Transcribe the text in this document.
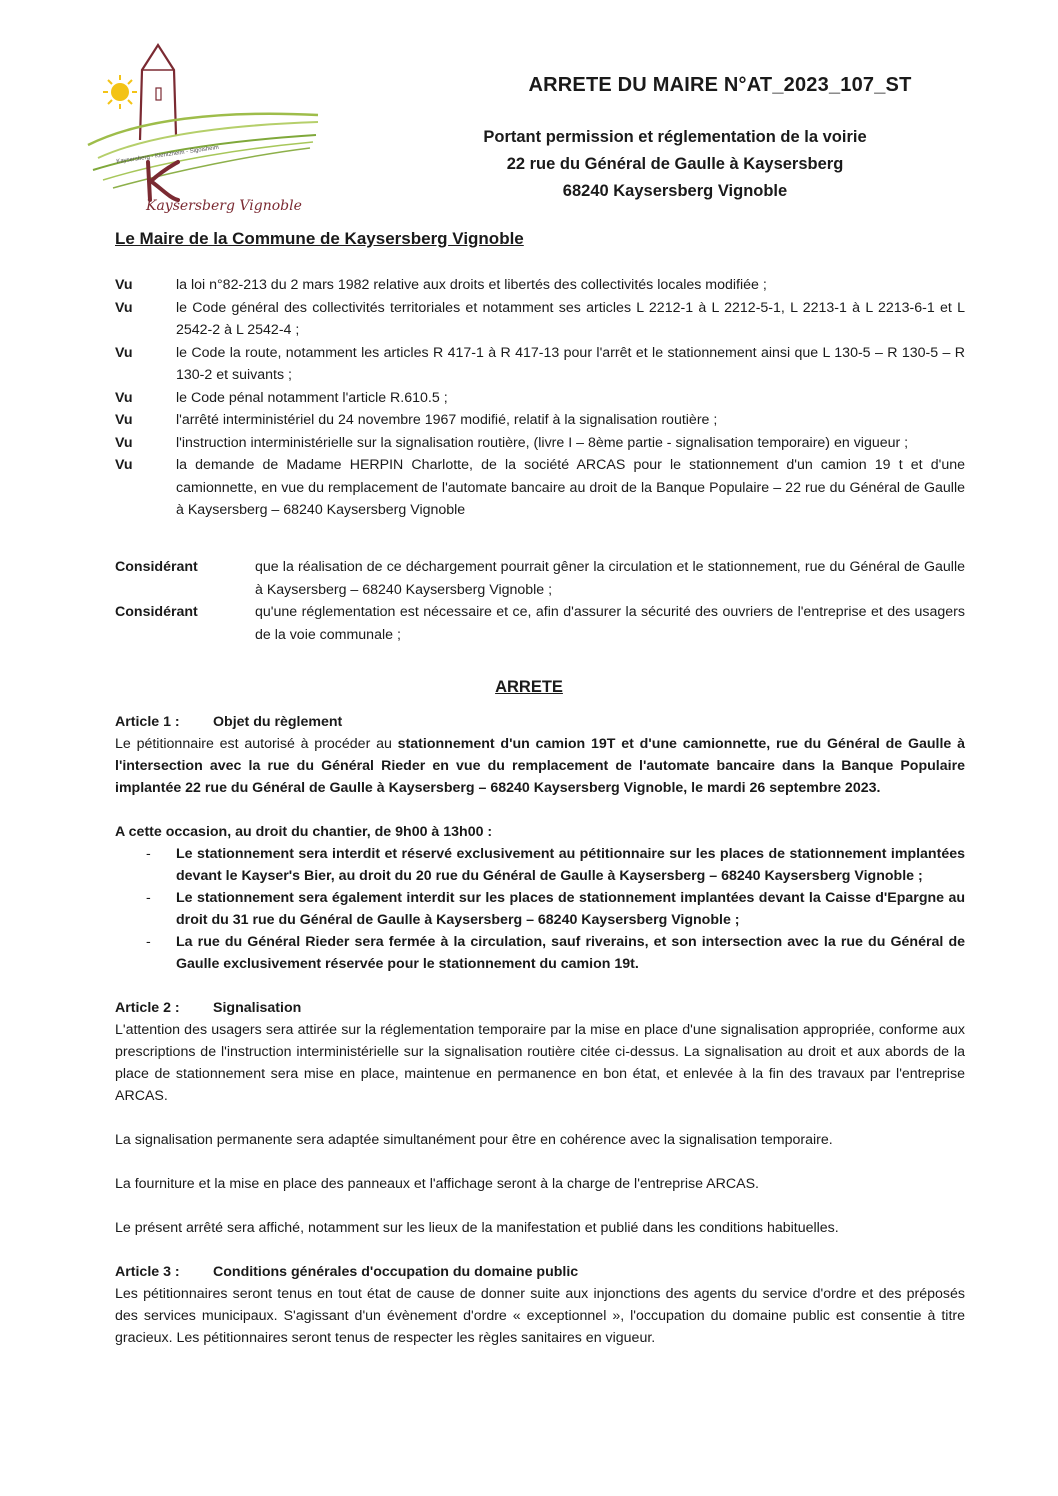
Kaysersberg - Kientzheim - Sigolsheim
Kaysersberg Vignoble
ARRETE DU MAIRE N°AT_2023_107_ST
Portant permission et réglementation de la voirie
22 rue du Général de Gaulle à Kaysersberg
68240 Kaysersberg Vignoble
Le Maire de la Commune de Kaysersberg Vignoble
Vu	la loi n°82-213 du 2 mars 1982 relative aux droits et libertés des collectivités locales modifiée ;
Vu	le Code général des collectivités territoriales et notamment ses articles L 2212-1 à L 2212-5-1, L 2213-1 à L 2213-6-1 et L 2542-2 à L 2542-4 ;
Vu	le Code la route, notamment les articles R 417-1 à R 417-13 pour l'arrêt et le stationnement ainsi que L 130-5 – R 130-5 – R 130-2 et suivants ;
Vu	le Code pénal notamment l'article R.610.5 ;
Vu	l'arrêté interministériel du 24 novembre 1967 modifié, relatif à la signalisation routière ;
Vu	l'instruction interministérielle sur la signalisation routière, (livre I – 8ème partie - signalisation temporaire) en vigueur ;
Vu	la demande de Madame HERPIN Charlotte, de la société ARCAS pour le stationnement d'un camion 19 t et d'une camionnette, en vue du remplacement de l'automate bancaire au droit de la Banque Populaire – 22 rue du Général de Gaulle à Kaysersberg – 68240 Kaysersberg Vignoble
Considérant	que la réalisation de ce déchargement pourrait gêner la circulation et le stationnement, rue du Général de Gaulle à Kaysersberg – 68240 Kaysersberg Vignoble ;
Considérant	qu'une réglementation est nécessaire et ce, afin d'assurer la sécurité des ouvriers de l'entreprise et des usagers de la voie communale ;
ARRETE
Article 1 :	Objet du règlement

Le pétitionnaire est autorisé à procéder au stationnement d'un camion 19T et d'une camionnette, rue du Général de Gaulle à l'intersection avec la rue du Général Rieder en vue du remplacement de l'automate bancaire dans la Banque Populaire implantée 22 rue du Général de Gaulle à Kaysersberg – 68240 Kaysersberg Vignoble, le mardi 26 septembre 2023.

A cette occasion, au droit du chantier, de 9h00 à 13h00 :

- Le stationnement sera interdit et réservé exclusivement au pétitionnaire sur les places de stationnement implantées devant le Kayser's Bier, au droit du 20 rue du Général de Gaulle à Kaysersberg – 68240 Kaysersberg Vignoble ;
- Le stationnement sera également interdit sur les places de stationnement implantées devant la Caisse d'Epargne au droit du 31 rue du Général de Gaulle à Kaysersberg – 68240 Kaysersberg Vignoble ;
- La rue du Général Rieder sera fermée à la circulation, sauf riverains, et son intersection avec la rue du Général de Gaulle exclusivement réservée pour le stationnement du camion 19t.
Article 2 :	Signalisation

L'attention des usagers sera attirée sur la réglementation temporaire par la mise en place d'une signalisation appropriée, conforme aux prescriptions de l'instruction interministérielle sur la signalisation routière citée ci-dessus. La signalisation au droit et aux abords de la place de stationnement sera mise en place, maintenue en permanence en bon état, et enlevée à la fin des travaux par l'entreprise ARCAS.

La signalisation permanente sera adaptée simultanément pour être en cohérence avec la signalisation temporaire.

La fourniture et la mise en place des panneaux et l'affichage seront à la charge de l'entreprise ARCAS.

Le présent arrêté sera affiché, notamment sur les lieux de la manifestation et publié dans les conditions habituelles.

Article 3 :	Conditions générales d'occupation du domaine public

Les pétitionnaires seront tenus en tout état de cause de donner suite aux injonctions des agents du service d'ordre et des préposés des services municipaux. S'agissant d'un évènement d'ordre « exceptionnel », l'occupation du domaine public est consentie à titre gracieux. Les pétitionnaires seront tenus de respecter les règles sanitaires en vigueur.
